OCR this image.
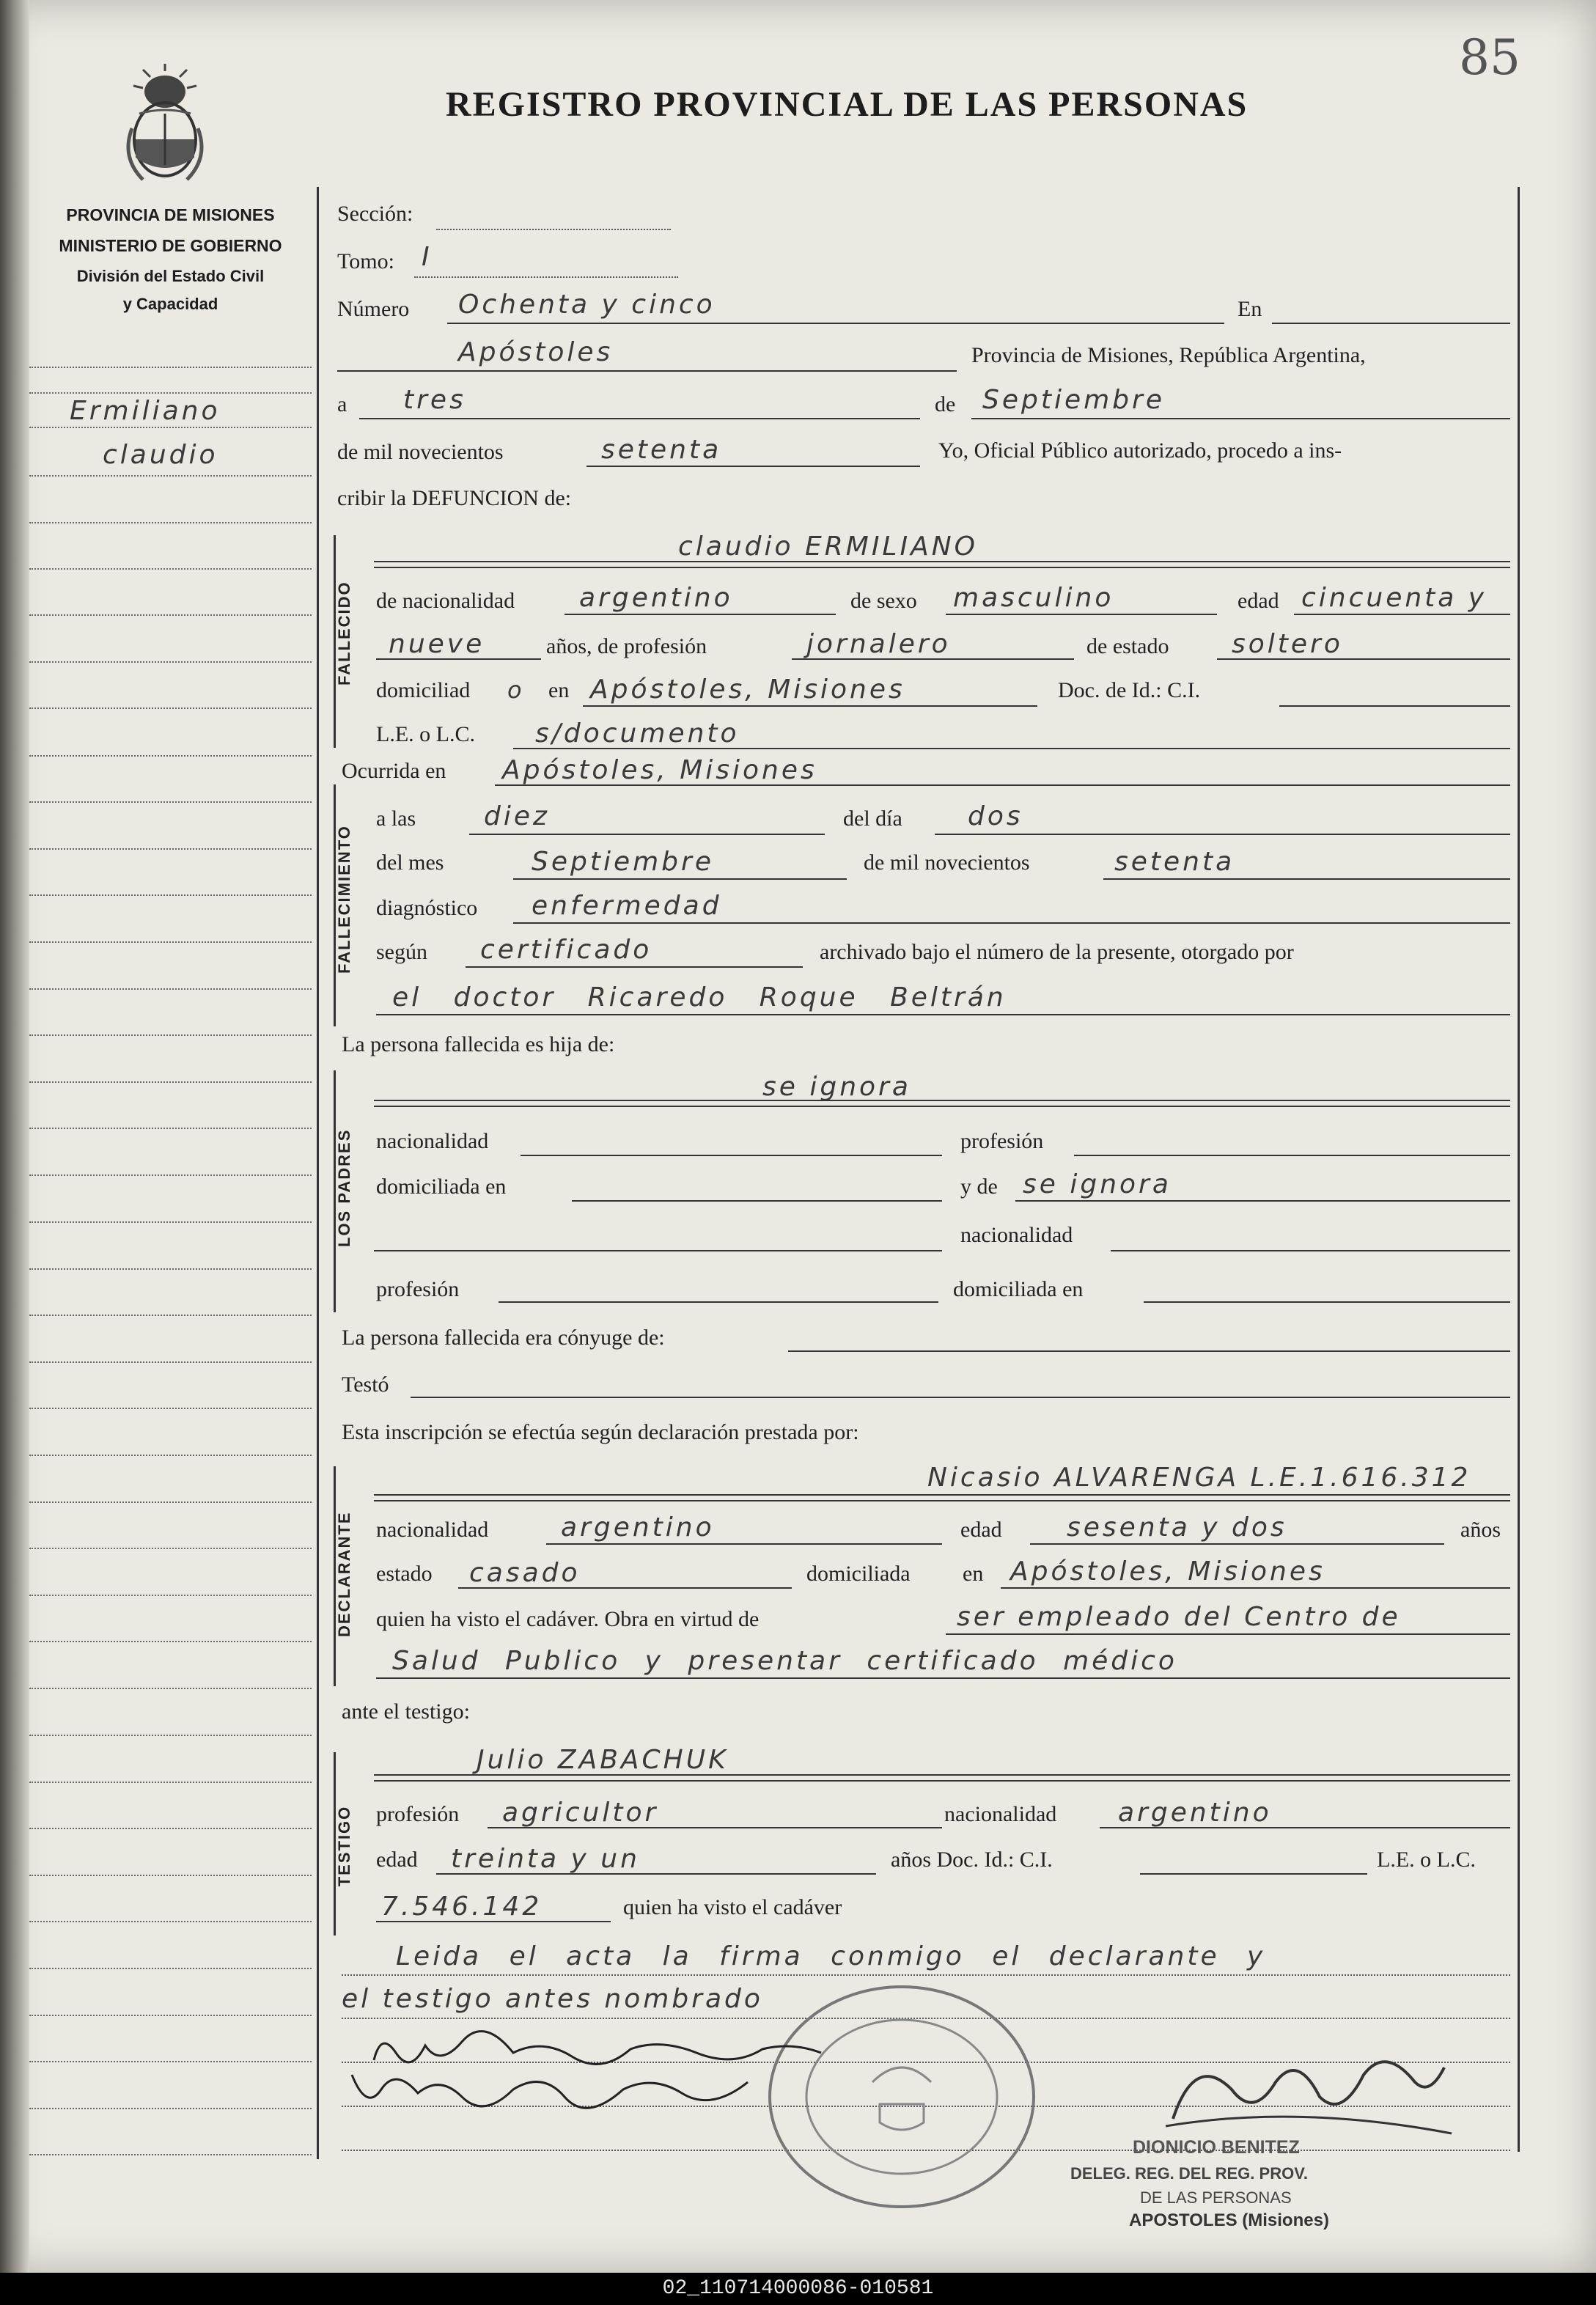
85
REGISTRO PROVINCIAL DE LAS PERSONAS
PROVINCIA DE MISIONES
MINISTERIO DE GOBIERNO
División del Estado Civil
y Capacidad
Ermiliano
claudio
Sección:
Tomo: I
Número Ochenta y cinco	En
Apóstoles	Provincia de Misiones, República Argentina,
a tres	de Septiembre
de mil novecientos	setenta	Yo, Oficial Público autorizado, procedo a ins-
cribir la DEFUNCION de:
FALLECIDO
claudio ERMILIANO
de nacionalidad argentino	de sexo masculino	edad cincuenta y
nueve	años, de profesión	jornalero	de estado soltero
domiciliad o en Apóstoles, Misiones	Doc. de Id.: C.I.
L.E. o L.C. s/documento
Ocurrida en Apóstoles, Misiones
FALLECIMIENTO
a las	diez	del día dos
del mes	Septiembre	de mil novecientos	setenta
diagnóstico enfermedad
según certificado	archivado bajo el número de la presente, otorgado por
el doctor Ricaredo Roque Beltrán
La persona fallecida es hija de:
LOS PADRES
se ignora
nacionalidad	profesión
domiciliada en	y de se ignora
nacionalidad
profesión	domiciliada en
La persona fallecida era cónyuge de:
Testó
Esta inscripción se efectúa según declaración prestada por:
DECLARANTE
Nicasio ALVARENGA L.E.1.616.312
nacionalidad	argentino	edad sesenta y dos	años
estado casado	domiciliada en Apóstoles, Misiones
quien ha visto el cadáver. Obra en virtud de	ser empleado del Centro de
Salud Publico y presentar certificado médico
ante el testigo:
TESTIGO
Julio ZABACHUK
profesión agricultor	nacionalidad argentino
edad treinta y un	años Doc. Id.: C.I.	L.E. o L.C.
7.546.142	quien ha visto el cadáver
Leida el acta la firma conmigo el declarante y
el testigo antes nombrado
DIONICIO BENITEZ
DELEG. REG. DEL REG. PROV.
DE LAS PERSONAS
APOSTOLES (Misiones)
02_110714000086-010581
